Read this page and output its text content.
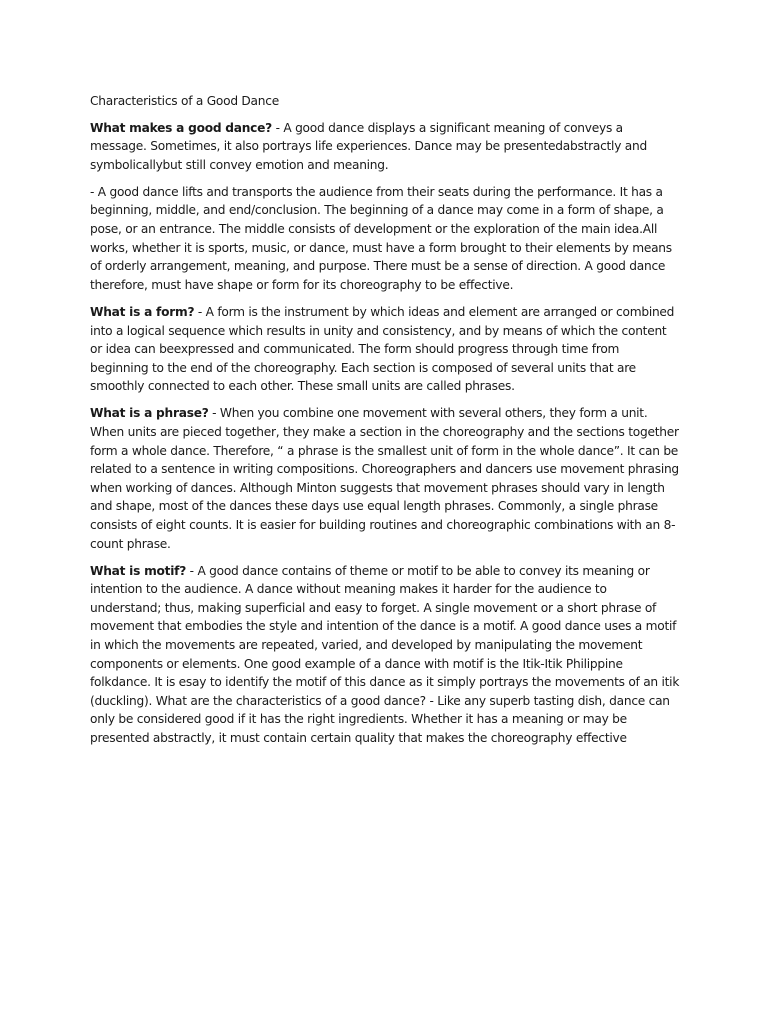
Characteristics of a Good Dance

What makes a good dance? - A good dance displays a significant meaning of conveys a message. Sometimes, it also portrays life experiences. Dance may be presentedabstractly and symbolicallybut still convey emotion and meaning.

- A good dance lifts and transports the audience from their seats during the performance. It has a beginning, middle, and end/conclusion. The beginning of a dance may come in a form of shape, a pose, or an entrance. The middle consists of development or the exploration of the main idea.All works, whether it is sports, music, or dance, must have a form brought to their elements by means of orderly arrangement, meaning, and purpose. There must be a sense of direction. A good dance therefore, must have shape or form for its choreography to be effective.

What is a form? - A form is the instrument by which ideas and element are arranged or combined into a logical sequence which results in unity and consistency, and by means of which the content or idea can beexpressed and communicated. The form should progress through time from beginning to the end of the choreography. Each section is composed of several units that are smoothly connected to each other. These small units are called phrases.

What is a phrase? - When you combine one movement with several others, they form a unit. When units are pieced together, they make a section in the choreography and the sections together form a whole dance. Therefore, “ a phrase is the smallest unit of form in the whole dance”. It can be related to a sentence in writing compositions. Choreographers and dancers use movement phrasing when working of dances. Although Minton suggests that movement phrases should vary in length and shape, most of the dances these days use equal length phrases. Commonly, a single phrase consists of eight counts. It is easier for building routines and choreographic combinations with an 8-count phrase.

What is motif? - A good dance contains of theme or motif to be able to convey its meaning or intention to the audience. A dance without meaning makes it harder for the audience to understand; thus, making superficial and easy to forget. A single movement or a short phrase of movement that embodies the style and intention of the dance is a motif. A good dance uses a motif in which the movements are repeated, varied, and developed by manipulating the movement components or elements. One good example of a dance with motif is the Itik-Itik Philippine folkdance. It is esay to identify the motif of this dance as it simply portrays the movements of an itik (duckling). What are the characteristics of a good dance? - Like any superb tasting dish, dance can only be considered good if it has the right ingredients. Whether it has a meaning or may be presented abstractly, it must contain certain quality that makes the choreography effective
